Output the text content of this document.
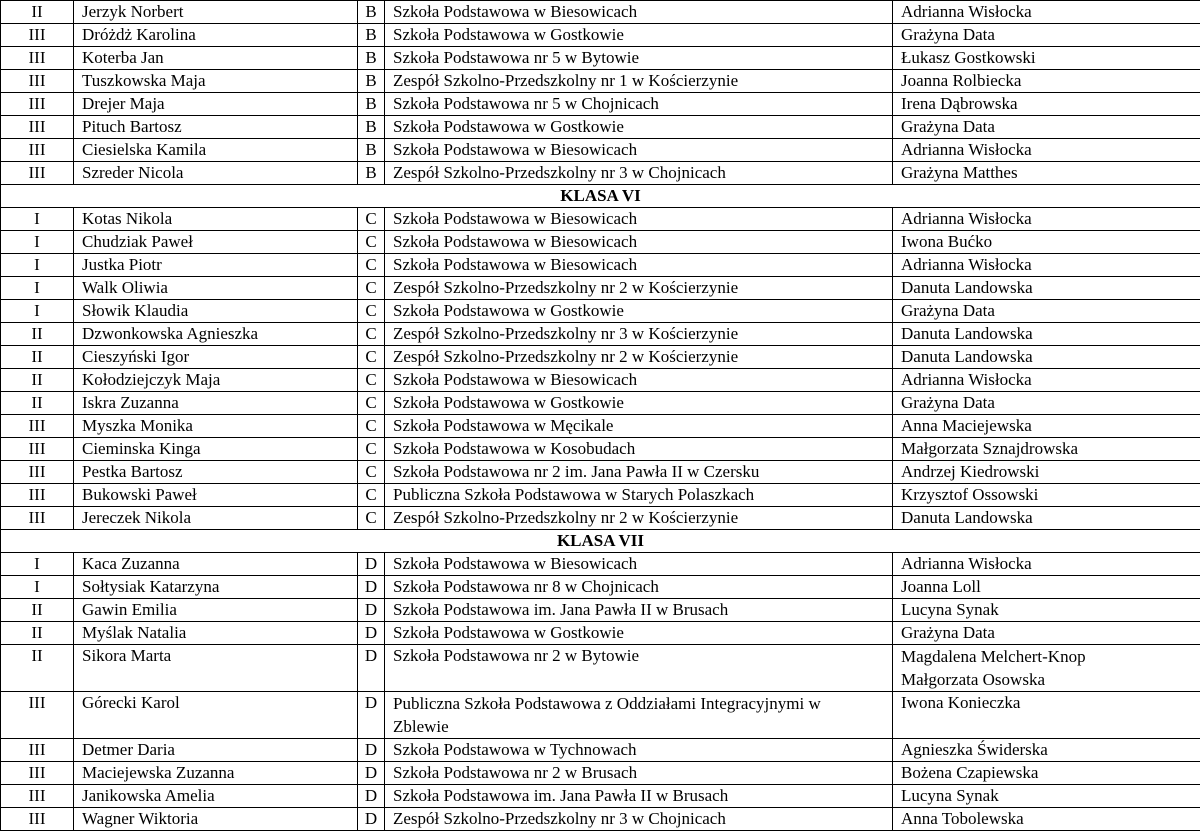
II	Jerzyk Norbert	B	Szkoła Podstawowa w Biesowicach	Adrianna Wisłocka
III	Dróżdż Karolina	B	Szkoła Podstawowa w Gostkowie	Grażyna Data
III	Koterba Jan	B	Szkoła Podstawowa nr 5 w Bytowie	Łukasz Gostkowski
III	Tuszkowska Maja	B	Zespół Szkolno-Przedszkolny nr 1 w Kościerzynie	Joanna Rolbiecka
III	Drejer Maja	B	Szkoła Podstawowa nr 5 w Chojnicach	Irena Dąbrowska
III	Pituch Bartosz	B	Szkoła Podstawowa w Gostkowie	Grażyna Data
III	Ciesielska Kamila	B	Szkoła Podstawowa w Biesowicach	Adrianna Wisłocka
III	Szreder Nicola	B	Zespół Szkolno-Przedszkolny nr 3 w Chojnicach	Grażyna Matthes
KLASA VI				
I	Kotas Nikola	C	Szkoła Podstawowa w Biesowicach	Adrianna Wisłocka
I	Chudziak Paweł	C	Szkoła Podstawowa w Biesowicach	Iwona Bućko
I	Justka Piotr	C	Szkoła Podstawowa w Biesowicach	Adrianna Wisłocka
I	Walk Oliwia	C	Zespół Szkolno-Przedszkolny nr 2 w Kościerzynie	Danuta Landowska
I	Słowik Klaudia	C	Szkoła Podstawowa w Gostkowie	Grażyna Data
II	Dzwonkowska Agnieszka	C	Zespół Szkolno-Przedszkolny nr 3 w Kościerzynie	Danuta Landowska
II	Cieszyński Igor	C	Zespół Szkolno-Przedszkolny nr 2 w Kościerzynie	Danuta Landowska
II	Kołodziejczyk Maja	C	Szkoła Podstawowa w Biesowicach	Adrianna Wisłocka
II	Iskra Zuzanna	C	Szkoła Podstawowa w Gostkowie	Grażyna Data
III	Myszka Monika	C	Szkoła Podstawowa w Męcikale	Anna Maciejewska
III	Cieminska Kinga	C	Szkoła Podstawowa w Kosobudach	Małgorzata Sznajdrowska
III	Pestka Bartosz	C	Szkoła Podstawowa nr 2 im. Jana Pawła II w Czersku	Andrzej Kiedrowski
III	Bukowski Paweł	C	Publiczna Szkoła Podstawowa w Starych Polaszkach	Krzysztof Ossowski
III	Jereczek Nikola	C	Zespół Szkolno-Przedszkolny nr 2 w Kościerzynie	Danuta Landowska
KLASA VII				
I	Kaca Zuzanna	D	Szkoła Podstawowa w Biesowicach	Adrianna Wisłocka
I	Sołtysiak Katarzyna	D	Szkoła Podstawowa nr 8 w Chojnicach	Joanna Loll
II	Gawin Emilia	D	Szkoła Podstawowa im. Jana Pawła II w Brusach	Lucyna Synak
II	Myślak Natalia	D	Szkoła Podstawowa w Gostkowie	Grażyna Data
II	Sikora Marta	D	Szkoła Podstawowa nr 2 w Bytowie	Magdalena Melchert-Knop
Małgorzata Osowska

III	Górecki Karol	D	Publiczna Szkoła Podstawowa z Oddziałami Integracyjnymi w
Zblewie	Iwona Konieczka
III	Detmer Daria	D	Szkoła Podstawowa w Tychnowach	Agnieszka Świderska
III	Maciejewska Zuzanna	D	Szkoła Podstawowa nr 2 w Brusach	Bożena Czapiewska
III	Janikowska Amelia	D	Szkoła Podstawowa im. Jana Pawła II w Brusach	Lucyna Synak
III	Wagner Wiktoria	D	Zespół Szkolno-Przedszkolny nr 3 w Chojnicach	Anna Tobolewska
